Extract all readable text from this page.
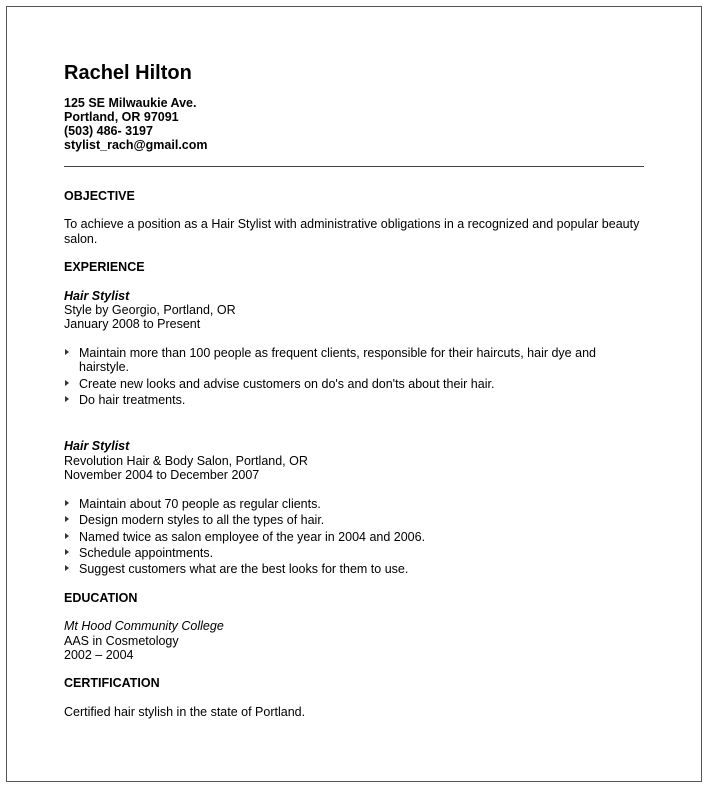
Rachel Hilton
125 SE Milwaukie Ave.
Portland, OR 97091
(503) 486- 3197
stylist_rach@gmail.com
OBJECTIVE
To achieve a position as a Hair Stylist with administrative obligations in a recognized and popular beauty salon.
EXPERIENCE
Hair Stylist
Style by Georgio, Portland, OR
January 2008 to Present
Maintain more than 100 people as frequent clients, responsible for their haircuts, hair dye and hairstyle.
Create new looks and advise customers on do's and don'ts about their hair.
Do hair treatments.
Hair Stylist
Revolution Hair & Body Salon, Portland, OR
November 2004 to December 2007
Maintain about 70 people as regular clients.
Design modern styles to all the types of hair.
Named twice as salon employee of the year in 2004 and 2006.
Schedule appointments.
Suggest customers what are the best looks for them to use.
EDUCATION
Mt Hood Community College
AAS in Cosmetology
2002 – 2004
CERTIFICATION
Certified hair stylish in the state of Portland.
